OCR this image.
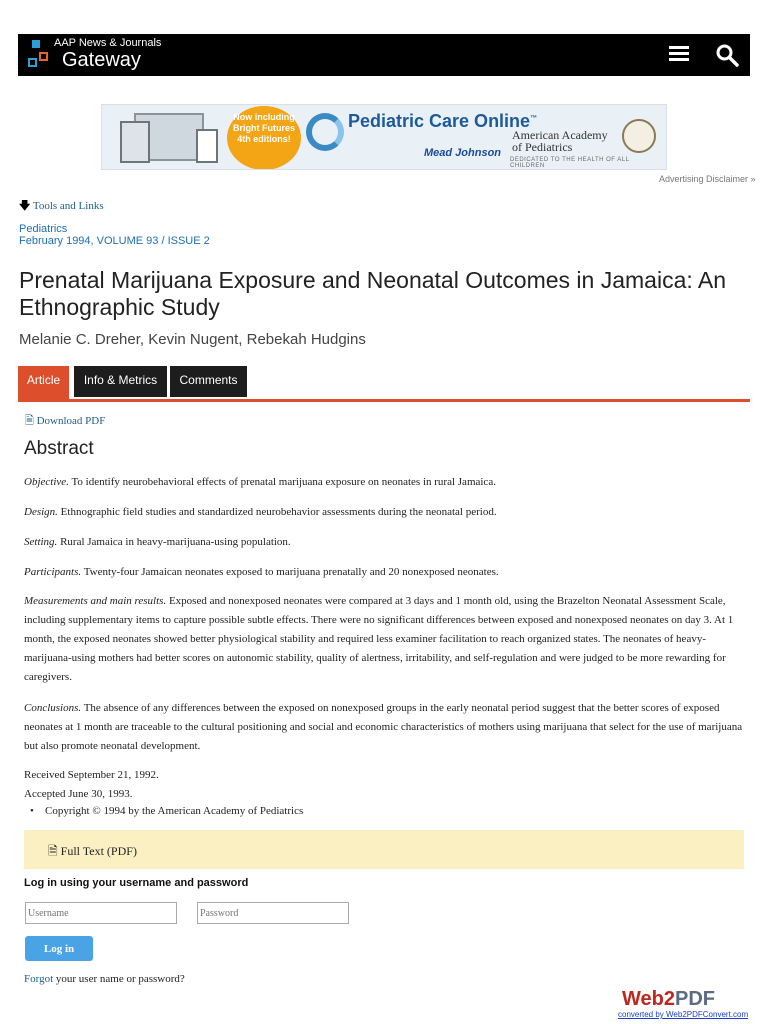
AAP News & Journals
Gateway
Now including Bright Futures 4th editions!
Pediatric Care Online™
American Academy
of Pediatrics
Mead Johnson
DEDICATED TO THE HEALTH OF ALL CHILDREN
Advertising Disclaimer »
🡇 Tools and Links
Pediatrics
February 1994, VOLUME 93 / ISSUE 2
Prenatal Marijuana Exposure and Neonatal Outcomes in Jamaica: An Ethnographic Study
Melanie C. Dreher, Kevin Nugent, Rebekah Hudgins
Article	Info & Metrics	Comments
🗎 Download PDF
Abstract

Objective. To identify neurobehavioral effects of prenatal marijuana exposure on neonates in rural Jamaica.

Design. Ethnographic field studies and standardized neurobehavior assessments during the neonatal period.

Setting. Rural Jamaica in heavy-marijuana-using population.

Participants. Twenty-four Jamaican neonates exposed to marijuana prenatally and 20 nonexposed neonates.

Measurements and main results. Exposed and nonexposed neonates were compared at 3 days and 1 month old, using the Brazelton Neonatal Assessment Scale, including supplementary items to capture possible subtle effects. There were no significant differences between exposed and nonexposed neonates on day 3. At 1 month, the exposed neonates showed better physiological stability and required less examiner facilitation to reach organized states. The neonates of heavy-marijuana-using mothers had better scores on autonomic stability, quality of alertness, irritability, and self-regulation and were judged to be more rewarding for caregivers.

Conclusions. The absence of any differences between the exposed on nonexposed groups in the early neonatal period suggest that the better scores of exposed neonates at 1 month are traceable to the cultural positioning and social and economic characteristics of mothers using marijuana that select for the use of marijuana but also promote neonatal development.

Received September 21, 1992.
Accepted June 30, 1993.
• Copyright © 1994 by the American Academy of Pediatrics
🗎 Full Text (PDF)
Log in using your username and password
Username
Log in
Forgot your user name or password?
Web2PDF
converted by Web2PDFConvert.com
